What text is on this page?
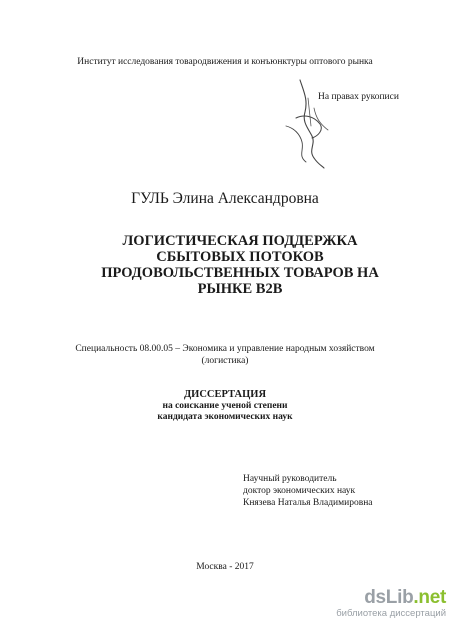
Институт исследования товародвижения и конъюнктуры оптового рынка
На правах рукописи
ГУЛЬ Элина Александровна
ЛОГИСТИЧЕСКАЯ ПОДДЕРЖКА
СБЫТОВЫХ ПОТОКОВ
ПРОДОВОЛЬСТВЕННЫХ ТОВАРОВ НА
РЫНКЕ B2B
Специальность 08.00.05 – Экономика и управление народным хозяйством
(логистика)
ДИССЕРТАЦИЯ
на соискание ученой степени
кандидата экономических наук
Научный руководитель
доктор экономических наук
Князева Наталья Владимировна
Москва - 2017
dsLib.net
библиотека диссертаций
